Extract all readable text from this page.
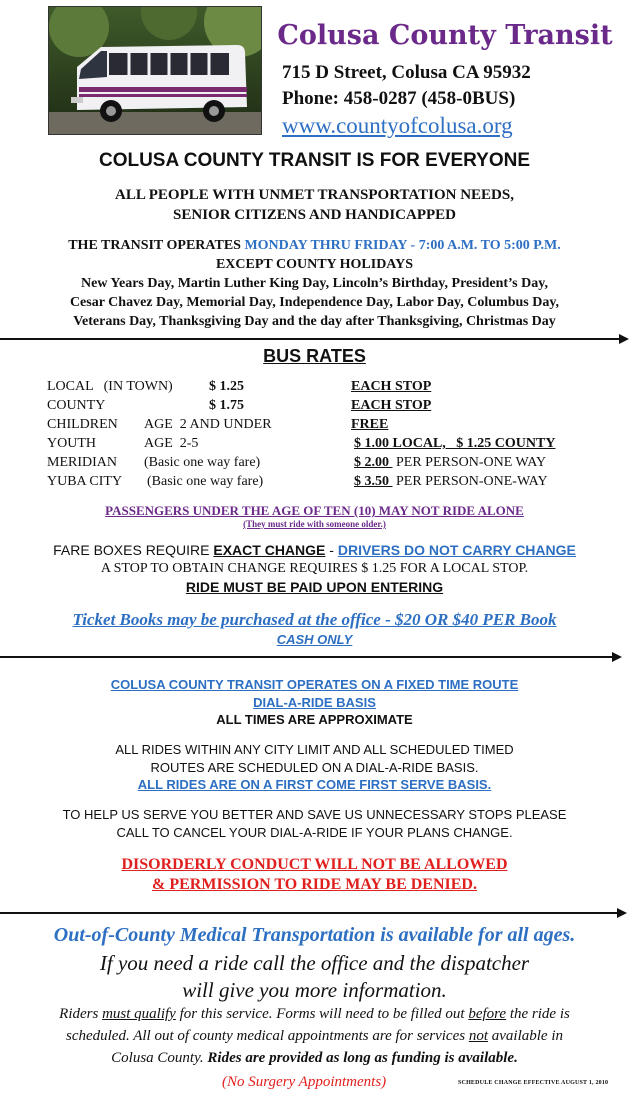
Colusa County Transit
715 D Street, Colusa CA 95932
Phone: 458-0287 (458-0BUS)
www.countyofcolusa.org
COLUSA COUNTY TRANSIT IS FOR EVERYONE
ALL PEOPLE WITH UNMET TRANSPORTATION NEEDS,
SENIOR CITIZENS AND HANDICAPPED
THE TRANSIT OPERATES MONDAY THRU FRIDAY - 7:00 A.M. TO 5:00 P.M.
EXCEPT COUNTY HOLIDAYS
New Years Day, Martin Luther King Day, Lincoln’s Birthday, President’s Day,
Cesar Chavez Day, Memorial Day, Independence Day, Labor Day, Columbus Day,
Veterans Day, Thanksgiving Day and the day after Thanksgiving, Christmas Day
BUS RATES
LOCAL   (IN TOWN)	$ 1.25	EACH STOP
COUNTY	$ 1.75	EACH STOP
CHILDREN AGE  2 AND UNDER	FREE
YOUTH	AGE  2-5	$ 1.00 LOCAL,   $ 1.25 COUNTY
MERIDIAN (Basic one way fare)	$ 2.00  PER PERSON-ONE WAY
YUBA CITY (Basic one way fare)	$ 3.50  PER PERSON-ONE-WAY
PASSENGERS UNDER THE AGE OF TEN (10) MAY NOT RIDE ALONE
(They must ride with someone older.)
FARE BOXES REQUIRE EXACT CHANGE - DRIVERS DO NOT CARRY CHANGE
A STOP TO OBTAIN CHANGE REQUIRES $ 1.25 FOR A LOCAL STOP.
RIDE MUST BE PAID UPON ENTERING
Ticket Books may be purchased at the office - $20 OR $40 PER Book
CASH ONLY
COLUSA COUNTY TRANSIT OPERATES ON A FIXED TIME ROUTE
DIAL-A-RIDE BASIS
ALL TIMES ARE APPROXIMATE
ALL RIDES WITHIN ANY CITY LIMIT AND ALL SCHEDULED TIMED
ROUTES ARE SCHEDULED ON A DIAL-A-RIDE BASIS.
ALL RIDES ARE ON A FIRST COME FIRST SERVE BASIS.
TO HELP US SERVE YOU BETTER AND SAVE US UNNECESSARY STOPS PLEASE
CALL TO CANCEL YOUR DIAL-A-RIDE IF YOUR PLANS CHANGE.
DISORDERLY CONDUCT WILL NOT BE ALLOWED
& PERMISSION TO RIDE MAY BE DENIED.
Out-of-County Medical Transportation is available for all ages.
If you need a ride call the office and the dispatcher
will give you more information.
Riders must qualify for this service. Forms will need to be filled out before the ride is
scheduled. All out of county medical appointments are for services not available in
Colusa County. Rides are provided as long as funding is available.
(No Surgery Appointments)	SCHEDULE CHANGE EFFECTIVE AUGUST 1, 2010
